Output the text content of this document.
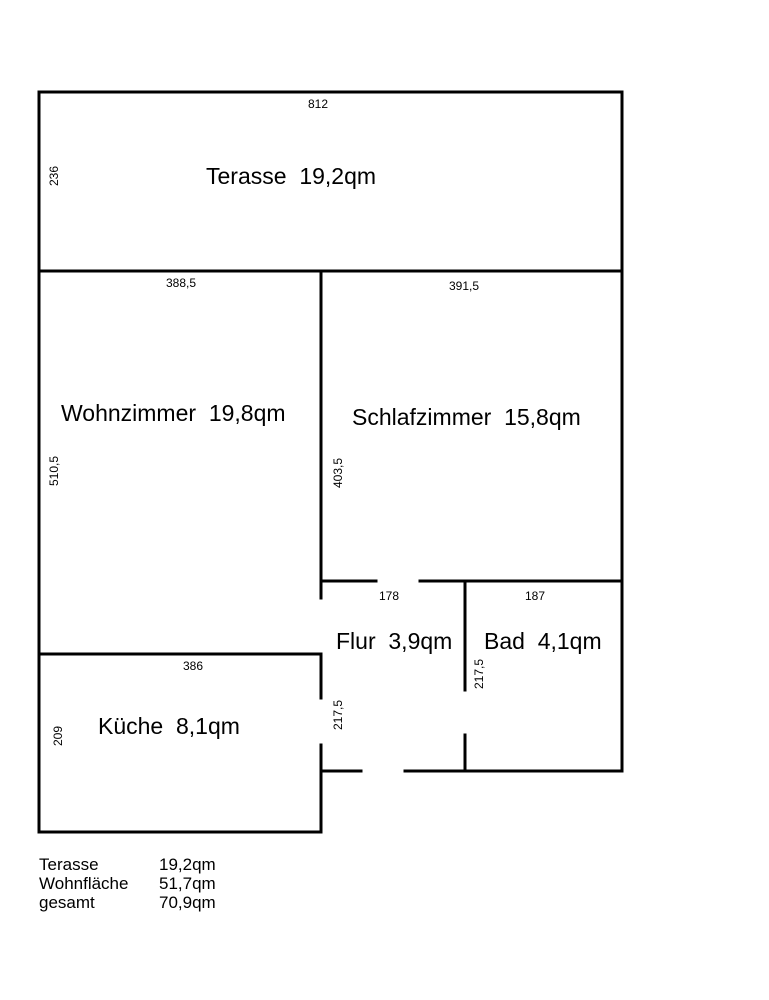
Terasse  19,2qm
Wohnzimmer  19,8qm	Schlafzimmer  15,8qm
Flur  3,9qm Bad  4,1qm
Küche  8,1qm
812
388,5	391,5
178	187
386
236
510,5	403,5
217,5
209
217,5
Terasse	19,2qm
Wohnfläche	51,7qm
gesamt	70,9qm
